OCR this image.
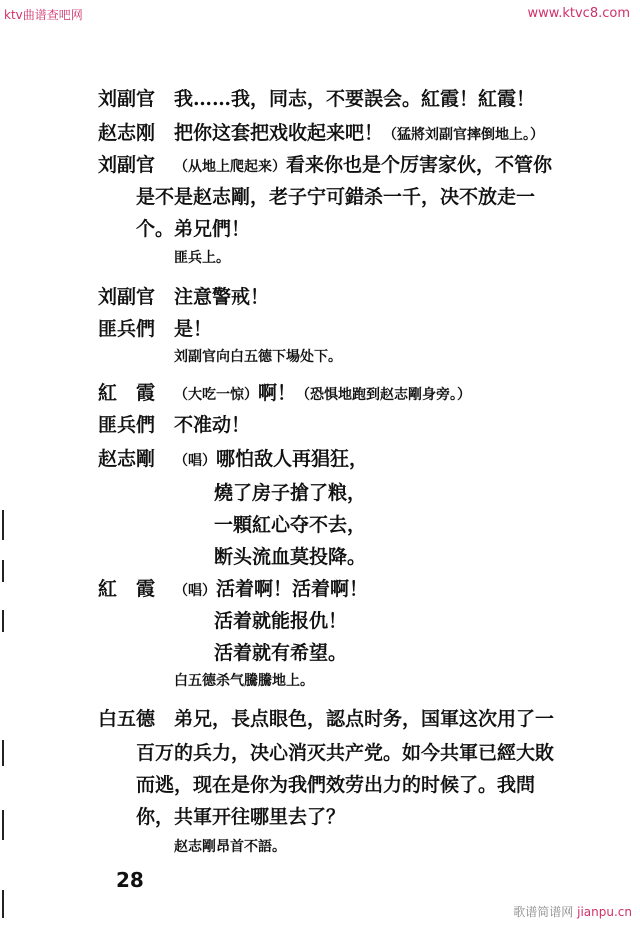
ktv曲谱查吧网	www.ktvc8.com
歌谱简谱网 jianpu.cn
刘副官 我……我，同志，不要誤会。紅霞！紅霞！
赵志刚 把你这套把戏收起来吧！（猛將刘副官摔倒地上。）
刘副官 （从地上爬起来）看来你也是个厉害家伙，不管你
是不是赵志剛，老子宁可錯杀一千，决不放走一
个。弟兄們！
匪兵上。
刘副官 注意警戒！
匪兵們 是！
刘副官向白五德下場处下。
紅　霞 （大吃一惊）啊！（恐惧地跑到赵志剛身旁。）
匪兵們 不准动！
赵志剛 （唱）哪怕敌人再猖狂，
燒了房子搶了粮，
一顆紅心夺不去，
断头流血莫投降。
紅　霞 （唱）活着啊！活着啊！
活着就能报仇！
活着就有希望。
白五德杀气騰騰地上。
白五德 弟兄，長点眼色，認点时务，国軍这次用了一
百万的兵力，决心消灭共产党。如今共軍已經大敗
而逃，现在是你为我們效劳出力的时候了。我問
你，共軍开往哪里去了？
赵志剛昂首不語。
28
